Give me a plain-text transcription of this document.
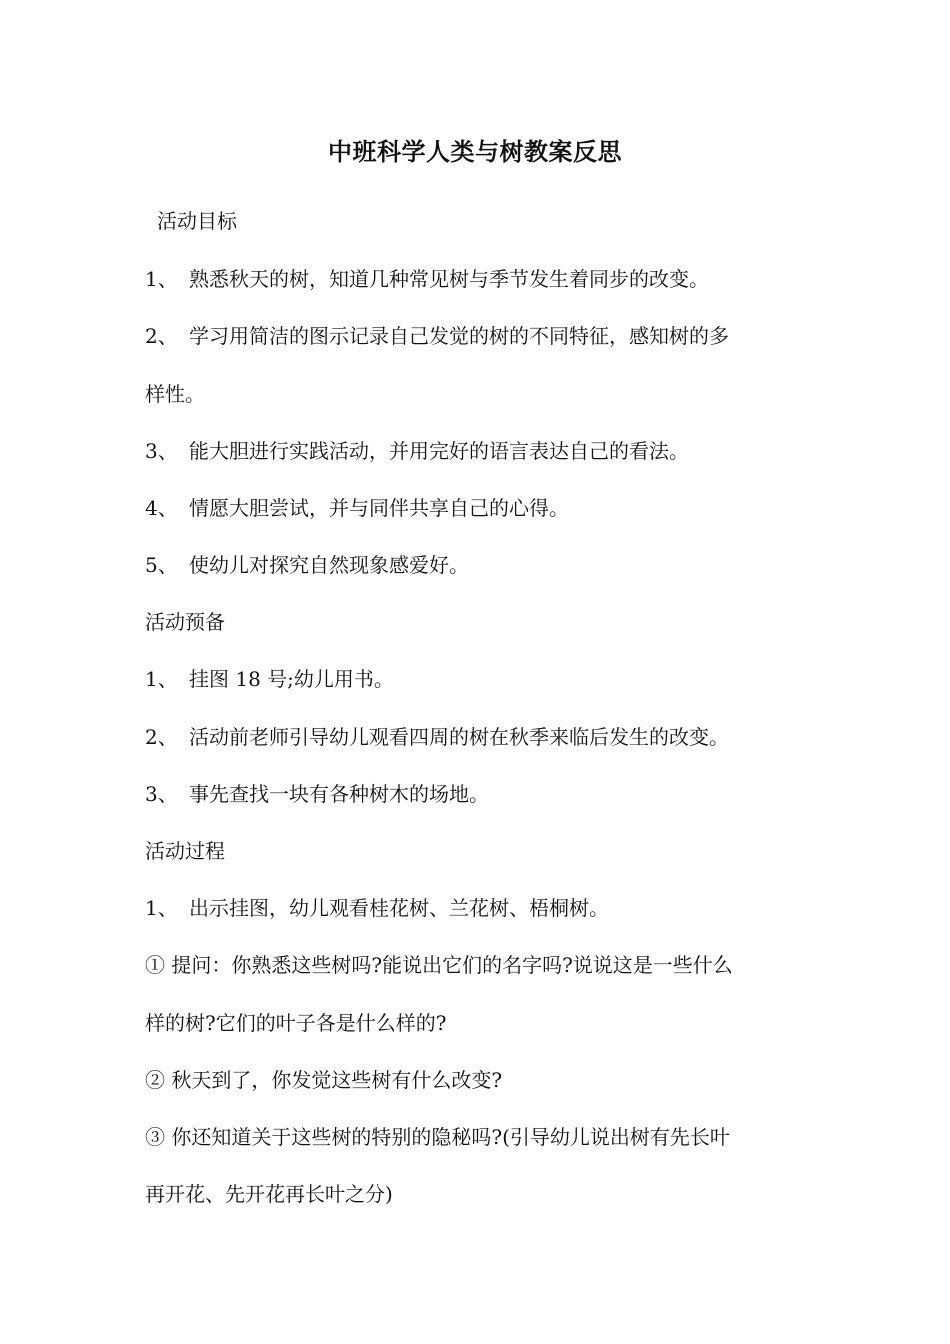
中班科学人类与树教案反思
活动目标
1、 熟悉秋天的树，知道几种常见树与季节发生着同步的改变。
2、 学习用简洁的图示记录自己发觉的树的不同特征，感知树的多
样性。
3、 能大胆进行实践活动，并用完好的语言表达自己的看法。
4、 情愿大胆尝试，并与同伴共享自己的心得。
5、 使幼儿对探究自然现象感爱好。
活动预备
1、 挂图 18 号;幼儿用书。
2、 活动前老师引导幼儿观看四周的树在秋季来临后发生的改变。
3、 事先查找一块有各种树木的场地。
活动过程
1、 出示挂图，幼儿观看桂花树、兰花树、梧桐树。
① 提问：你熟悉这些树吗?能说出它们的名字吗?说说这是一些什么
样的树?它们的叶子各是什么样的?
② 秋天到了，你发觉这些树有什么改变?
③ 你还知道关于这些树的特别的隐秘吗?(引导幼儿说出树有先长叶
再开花、先开花再长叶之分)
